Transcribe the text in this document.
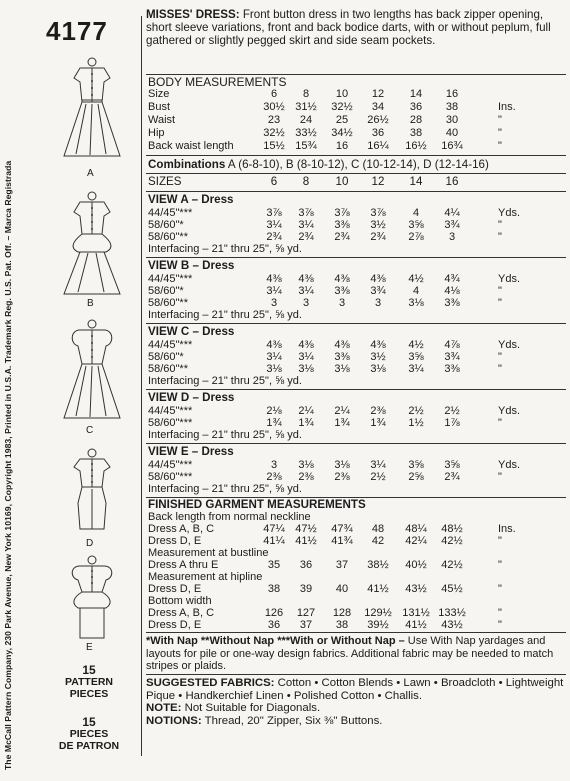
The McCall Pattern Company, 230 Park Avenue, New York 10169, Copyright 1983, Printed in U.S.A. Trademark Reg. U.S. Pat. Off. – Marca Registrada
4177
A
B
C
D
E
15
PATTERN
PIECES
15
PIECES
DE PATRON
MISSES' DRESS: Front button dress in two lengths has back zipper opening, short sleeve variations, front and back bodice darts, with or without peplum, full gathered or slightly pegged skirt and side seam pockets.
BODY MEASUREMENTS
Size	6	8	10	12	14	16
Bust	30½ 31½	32½	34	36	38	Ins.
Waist	23	24	25	26½	28	30	"
Hip	32½ 33½	34½	36	38	40	"
Back waist length	15½ 15¾	16	16¼	16½	16¾	"
Combinations A (6-8-10), B (8-10-12), C (10-12-14), D (12-14-16)
SIZES	6	8	10	12	14	16
VIEW A – Dress
44/45"***	3⅞	3⅞	3⅞	3⅞	4	4¼	Yds.
58/60"*	3¼	3¼	3⅜	3½	3⅝	3¾	"
58/60"**	2¾	2¾	2¾	2¾	2⅞	3	"
Interfacing – 21" thru 25", ⅝ yd.
VIEW B – Dress
44/45"***	4⅜	4⅜	4⅜	4⅜	4½	4¾	Yds.
58/60"*	3¼	3¼	3⅜	3¾	4	4⅛	"
58/60"**	3	3	3	3	3⅛	3⅜	"
Interfacing – 21" thru 25", ⅝ yd.
VIEW C – Dress
44/45"***	4⅜	4⅜	4⅜	4⅜	4½	4⅞	Yds.
58/60"*	3¼	3¼	3⅜	3½	3⅝	3¾	"
58/60"**	3⅛	3⅛	3⅛	3⅛	3¼	3⅜	"
Interfacing – 21" thru 25", ⅝ yd.
VIEW D – Dress
44/45"***	2⅛	2¼	2¼	2⅜	2½	2½	Yds.
58/60"***	1¾	1¾	1¾	1¾	1½	1⅞	"
Interfacing – 21" thru 25", ⅝ yd.
VIEW E – Dress
44/45"***	3	3⅛	3⅛	3¼	3⅝	3⅝	Yds.
58/60"***	2⅜	2⅜	2⅜	2½	2⅝	2¾	"
Interfacing – 21" thru 25", ⅝ yd.
FINISHED GARMENT MEASUREMENTS
Back length from normal neckline
Dress A, B, C	47¼ 47½	47¾	48	48¼	48½	Ins.
Dress D, E	41¼ 41½	41¾	42	42¼	42½	"
Measurement at bustline
Dress A thru E	35	36	37	38½	40½	42½	"
Measurement at hipline
Dress D, E	38	39	40	41½	43½	45½	"
Bottom width
Dress A, B, C	126	127	128	129½ 131½ 133½	"
Dress D, E	36	37	38	39½	41½	43½	"
*With Nap **Without Nap ***With or Without Nap – Use With Nap yardages and layouts for pile or one-way design fabrics. Additional fabric may be needed to match stripes or plaids.
SUGGESTED FABRICS: Cotton • Cotton Blends • Lawn • Broadcloth • Lightweight Pique • Handkerchief Linen • Polished Cotton • Challis.
NOTE: Not Suitable for Diagonals.
NOTIONS: Thread, 20" Zipper, Six ⅜" Buttons.
